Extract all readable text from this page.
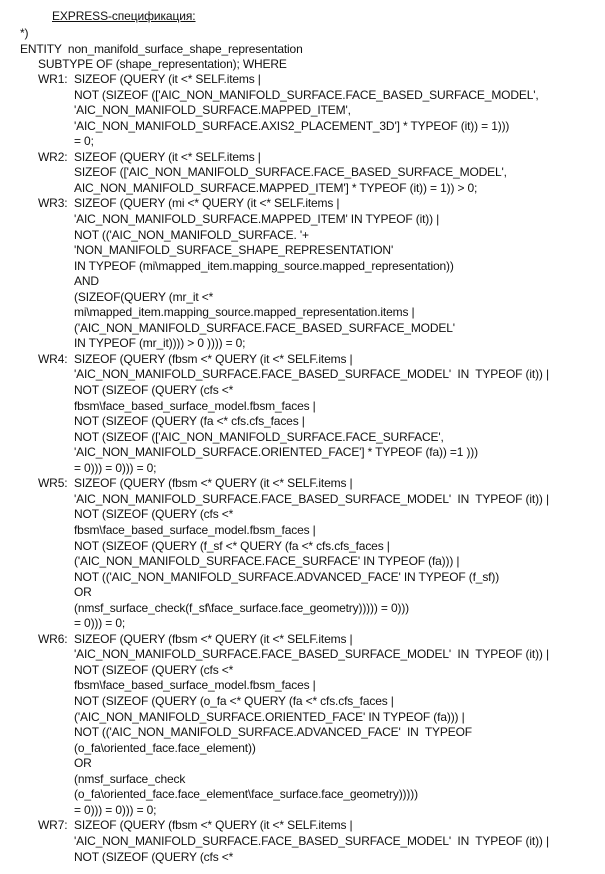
EXPRESS-спецификация:
*)
ENTITY  non_manifold_surface_shape_representation
SUBTYPE OF (shape_representation); WHERE
WR1: SIZEOF (QUERY (it <* SELF.items |
NOT (SIZEOF (['AIC_NON_MANIFOLD_SURFACE.FACE_BASED_SURFACE_MODEL',
'AIC_NON_MANIFOLD_SURFACE.MAPPED_ITEM',
'AIC_NON_MANIFOLD_SURFACE.AXIS2_PLACEMENT_3D'] * TYPEOF (it)) = 1)))
= 0;
WR2: SIZEOF (QUERY (it <* SELF.items |
SIZEOF (['AIC_NON_MANIFOLD_SURFACE.FACE_BASED_SURFACE_MODEL',
AIC_NON_MANIFOLD_SURFACE.MAPPED_ITEM'] * TYPEOF (it)) = 1)) > 0;
WR3: SIZEOF (QUERY (mi <* QUERY (it <* SELF.items |
'AIC_NON_MANIFOLD_SURFACE.MAPPED_ITEM' IN TYPEOF (it)) |
NOT (('AIC_NON_MANIFOLD_SURFACE. '+
'NON_MANIFOLD_SURFACE_SHAPE_REPRESENTATION'
IN TYPEOF (mi\mapped_item.mapping_source.mapped_representation))
AND
(SIZEOF(QUERY (mr_it <*
mi\mapped_item.mapping_source.mapped_representation.items |
('AIC_NON_MANIFOLD_SURFACE.FACE_BASED_SURFACE_MODEL'
IN TYPEOF (mr_it)))) > 0 )))) = 0;
WR4: SIZEOF (QUERY (fbsm <* QUERY (it <* SELF.items |
'AIC_NON_MANIFOLD_SURFACE.FACE_BASED_SURFACE_MODEL'  IN  TYPEOF (it)) |
NOT (SIZEOF (QUERY (cfs <*
fbsm\face_based_surface_model.fbsm_faces |
NOT (SIZEOF (QUERY (fa <* cfs.cfs_faces |
NOT (SIZEOF (['AIC_NON_MANIFOLD_SURFACE.FACE_SURFACE',
'AIC_NON_MANIFOLD_SURFACE.ORIENTED_FACE'] * TYPEOF (fa)) =1 )))
= 0))) = 0))) = 0;
WR5: SIZEOF (QUERY (fbsm <* QUERY (it <* SELF.items |
'AIC_NON_MANIFOLD_SURFACE.FACE_BASED_SURFACE_MODEL'  IN  TYPEOF (it)) |
NOT (SIZEOF (QUERY (cfs <*
fbsm\face_based_surface_model.fbsm_faces |
NOT (SIZEOF (QUERY (f_sf <* QUERY (fa <* cfs.cfs_faces |
('AIC_NON_MANIFOLD_SURFACE.FACE_SURFACE' IN TYPEOF (fa))) |
NOT (('AIC_NON_MANIFOLD_SURFACE.ADVANCED_FACE' IN TYPEOF (f_sf))
OR
(nmsf_surface_check(f_sf\face_surface.face_geometry))))) = 0)))
= 0))) = 0;
WR6: SIZEOF (QUERY (fbsm <* QUERY (it <* SELF.items |
'AIC_NON_MANIFOLD_SURFACE.FACE_BASED_SURFACE_MODEL'  IN  TYPEOF (it)) |
NOT (SIZEOF (QUERY (cfs <*
fbsm\face_based_surface_model.fbsm_faces |
NOT (SIZEOF (QUERY (o_fa <* QUERY (fa <* cfs.cfs_faces |
('AIC_NON_MANIFOLD_SURFACE.ORIENTED_FACE' IN TYPEOF (fa))) |
NOT (('AIC_NON_MANIFOLD_SURFACE.ADVANCED_FACE'  IN  TYPEOF
(o_fa\oriented_face.face_element))
OR
(nmsf_surface_check
(o_fa\oriented_face.face_element\face_surface.face_geometry)))))
= 0))) = 0))) = 0;
WR7: SIZEOF (QUERY (fbsm <* QUERY (it <* SELF.items |
'AIC_NON_MANIFOLD_SURFACE.FACE_BASED_SURFACE_MODEL'  IN  TYPEOF (it)) |
NOT (SIZEOF (QUERY (cfs <*
